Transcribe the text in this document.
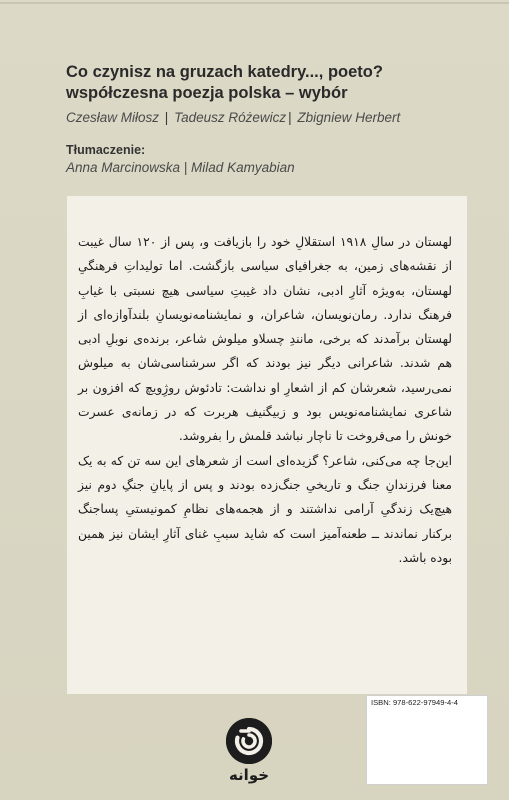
Co czynisz na gruzach katedry..., poeto?
współczesna poezja polska – wybór
Czesław Miłosz | Tadeusz Różewicz | Zbigniew Herbert
Tłumaczenie:
Anna Marcinowska | Milad Kamyabian

لهستان در سالِ ۱۹۱۸ استقلالِ خود را بازیافت و، پس از ۱۲۰ سال غیبت از نقشه‌های زمین، به جغرافیای سیاسی بازگشت. اما تولیداتِ فرهنگیِ لهستان، به‌ویژه آثارِ ادبی، نشان داد غیبتِ سیاسی هیچ نسبتی با غیابِ فرهنگ ندارد. رمان‌نویسان، شاعران، و نمایشنامه‌نویسانِ بلندآوازه‌ای از لهستان برآمدند که برخی، مانندِ چسلاو میلوش شاعر، برنده‌ی نوبلِ ادبی هم شدند. شاعرانی دیگر نیز بودند که اگر سرشناسی‌شان به میلوش نمی‌رسید، شعرشان کم از اشعارِ او نداشت: تادئوش روژِویچ که افزون بر شاعری نمایشنامه‌نویس بود و زبیگنیف هربرت که در زمانه‌ی عسرت خونش را می‌فروخت تا ناچار نباشد قلمش را بفروشد.

این‌جا چه می‌کنی، شاعر؟ گزیده‌ای است از شعرهای این سه تن که به یک معنا فرزندانِ جنگ و تاریخیِ جنگ‌زده بودند و پس از پایانِ جنگِ دوم نیز هیچ‌یک زندگیِ آرامی نداشتند و از هجمه‌های نظامِ کمونیستیِ پساجنگ برکنار نماندند ــ طعنه‌آمیز است که شاید سببِ غنای آثارِ ایشان نیز همین بوده باشد.

خوانه
ISBN: 978-622-97949-4-4
